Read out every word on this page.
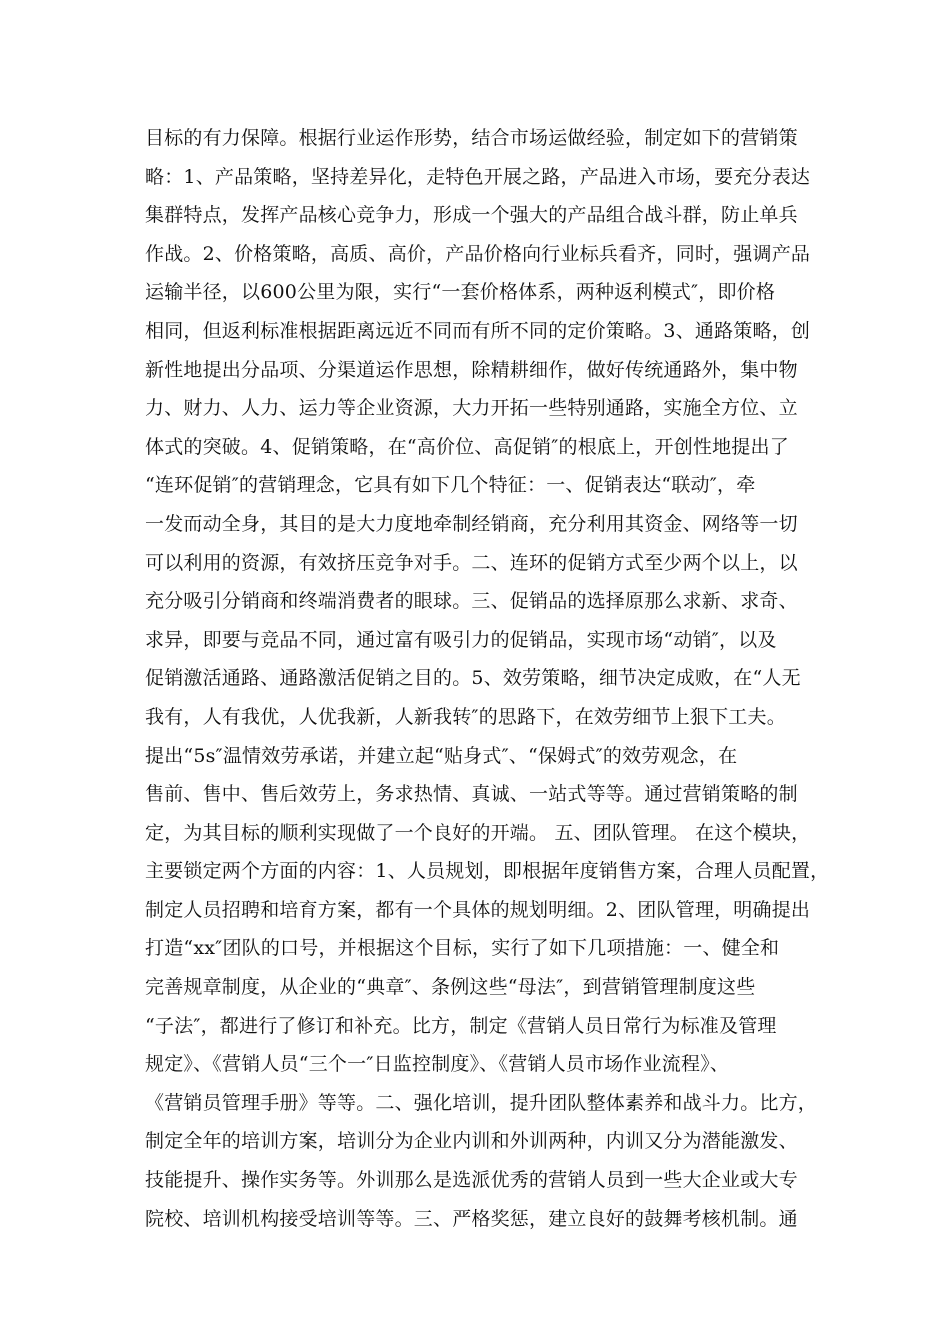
目标的有力保障。根据行业运作形势，结合市场运做经验，制定如下的营销策
略：1、产品策略，坚持差异化，走特色开展之路，产品进入市场，要充分表达
集群特点，发挥产品核心竞争力，形成一个强大的产品组合战斗群，防止单兵
作战。2、价格策略，高质、高价，产品价格向行业标兵看齐，同时，强调产品
运输半径，以600公里为限，实行“一套价格体系，两种返利模式″，即价格
相同，但返利标准根据距离远近不同而有所不同的定价策略。3、通路策略，创
新性地提出分品项、分渠道运作思想，除精耕细作，做好传统通路外，集中物
力、财力、人力、运力等企业资源，大力开拓一些特别通路，实施全方位、立
体式的突破。4、促销策略，在“高价位、高促销″的根底上，开创性地提出了
“连环促销″的营销理念，它具有如下几个特征：一、促销表达“联动″，牵
一发而动全身，其目的是大力度地牵制经销商，充分利用其资金、网络等一切
可以利用的资源，有效挤压竞争对手。二、连环的促销方式至少两个以上，以
充分吸引分销商和终端消费者的眼球。三、促销品的选择原那么求新、求奇、
求异，即要与竞品不同，通过富有吸引力的促销品，实现市场“动销″，以及
促销激活通路、通路激活促销之目的。5、效劳策略，细节决定成败，在“人无
我有，人有我优，人优我新，人新我转″的思路下，在效劳细节上狠下工夫。
提出“5s″温情效劳承诺，并建立起“贴身式″、“保姆式″的效劳观念，在
售前、售中、售后效劳上，务求热情、真诚、一站式等等。通过营销策略的制
定，为其目标的顺利实现做了一个良好的开端。 五、团队管理。 在这个模块，
主要锁定两个方面的内容：1、人员规划，即根据年度销售方案，合理人员配置，
制定人员招聘和培育方案，都有一个具体的规划明细。2、团队管理，明确提出
打造“xx″团队的口号，并根据这个目标，实行了如下几项措施：一、健全和
完善规章制度，从企业的“典章″、条例这些“母法″，到营销管理制度这些
“子法″，都进行了修订和补充。比方，制定《营销人员日常行为标准及管理
规定》、《营销人员“三个一″日监控制度》、《营销人员市场作业流程》、
《营销员管理手册》等等。二、强化培训，提升团队整体素养和战斗力。比方，
制定全年的培训方案，培训分为企业内训和外训两种，内训又分为潜能激发、
技能提升、操作实务等。外训那么是选派优秀的营销人员到一些大企业或大专
院校、培训机构接受培训等等。三、严格奖惩，建立良好的鼓舞考核机制。通
